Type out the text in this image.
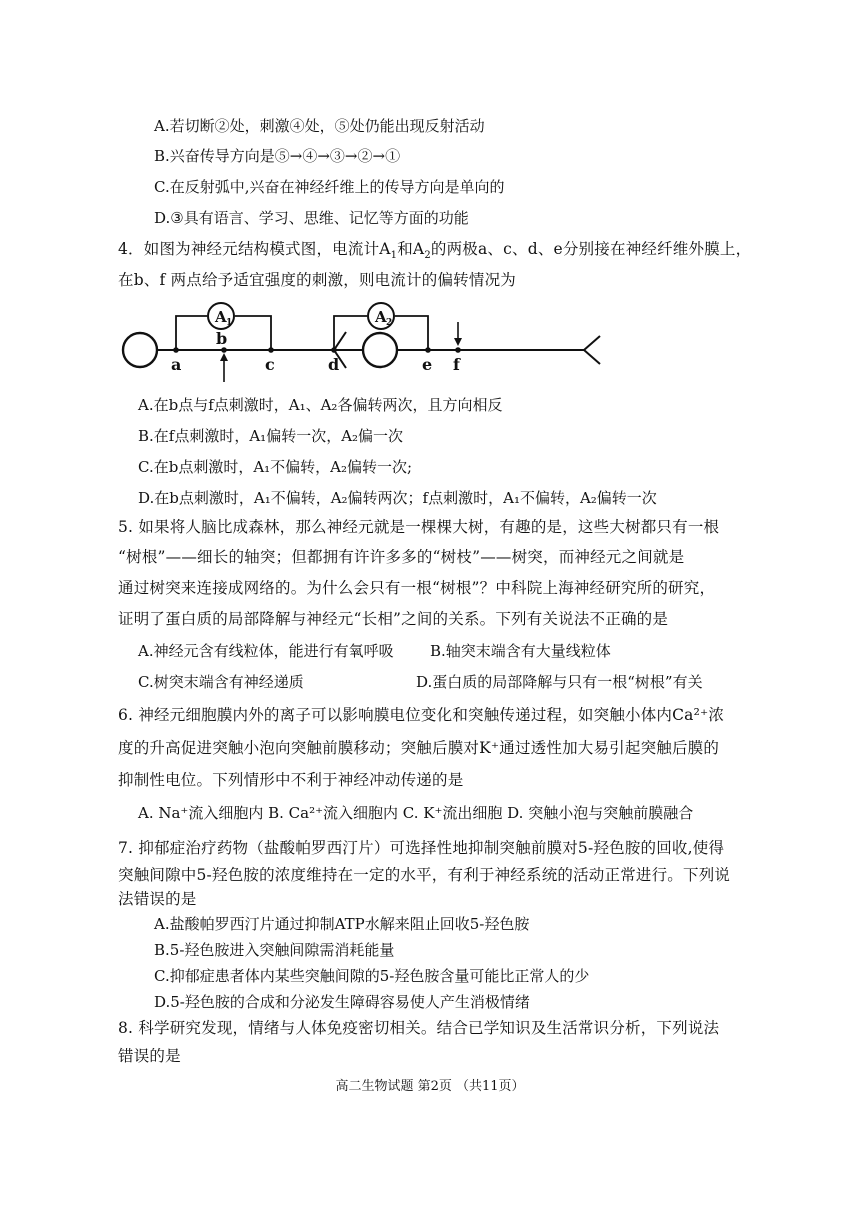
A.若切断②处，刺激④处，⑤处仍能出现反射活动
B.兴奋传导方向是⑤→④→③→②→①
C.在反射弧中,兴奋在神经纤维上的传导方向是单向的
D.③具有语言、学习、思维、记忆等方面的功能
4．如图为神经元结构模式图，电流计$A_1$和$A_2$的两极a、c、d、e分别接在神经纤维外膜上，
在b、f 两点给予适宜强度的刺激，则电流计的偏转情况为
A 1	A 2
a
b
c	d	e f
A.在b点与f点刺激时，A₁、A₂各偏转两次，且方向相反
B.在f点刺激时，A₁偏转一次，A₂偏一次
C.在b点刺激时，A₁不偏转，A₂偏转一次;
D.在b点刺激时，A₁不偏转，A₂偏转两次；f点刺激时，A₁不偏转，A₂偏转一次
5. 如果将人脑比成森林，那么神经元就是一棵棵大树，有趣的是，这些大树都只有一根
“树根”——细长的轴突；但都拥有许许多多的“树枝”——树突，而神经元之间就是
通过树突来连接成网络的。为什么会只有一根“树根”？中科院上海神经研究所的研究，
证明了蛋白质的局部降解与神经元“长相”之间的关系。下列有关说法不正确的是
A.神经元含有线粒体，能进行有氧呼吸 B.轴突末端含有大量线粒体
C.树突末端含有神经递质	D.蛋白质的局部降解与只有一根“树根”有关
6. 神经元细胞膜内外的离子可以影响膜电位变化和突触传递过程，如突触小体内Ca²⁺浓
度的升高促进突触小泡向突触前膜移动；突触后膜对K⁺通过透性加大易引起突触后膜的
抑制性电位。下列情形中不利于神经冲动传递的是
A. Na⁺流入细胞内 B. Ca²⁺流入细胞内 C. K⁺流出细胞 D. 突触小泡与突触前膜融合
7. 抑郁症治疗药物（盐酸帕罗西汀片）可选择性地抑制突触前膜对5-羟色胺的回收,使得
突触间隙中5-羟色胺的浓度维持在一定的水平，有利于神经系统的活动正常进行。下列说
法错误的是
A.盐酸帕罗西汀片通过抑制ATP水解来阻止回收5-羟色胺
B.5-羟色胺进入突触间隙需消耗能量
C.抑郁症患者体内某些突触间隙的5-羟色胺含量可能比正常人的少
D.5-羟色胺的合成和分泌发生障碍容易使人产生消极情绪
8. 科学研究发现，情绪与人体免疫密切相关。结合已学知识及生活常识分析，下列说法
错误的是
高二生物试题 第2页 （共11页）
